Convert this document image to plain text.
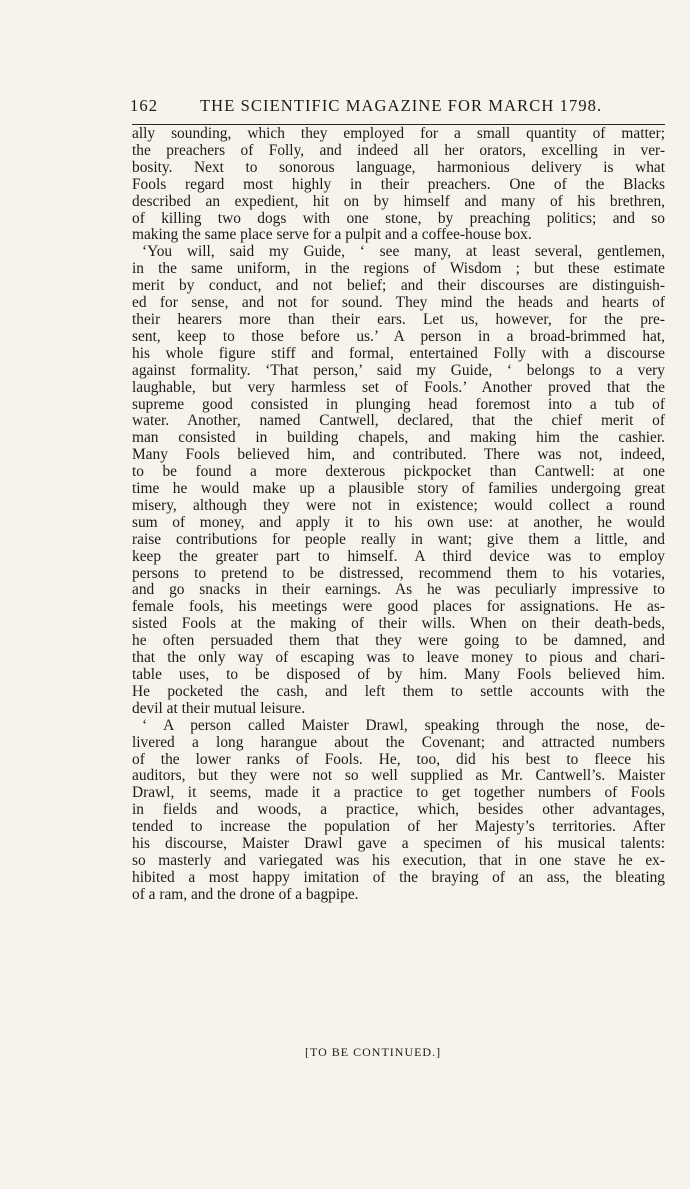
162	THE SCIENTIFIC MAGAZINE FOR MARCH 1798.
ally sounding, which they employed for a small quantity of matter;
the preachers of Folly, and indeed all her orators, excelling in ver-
bosity. Next to sonorous language, harmonious delivery is what
Fools regard most highly in their preachers. One of the Blacks
described an expedient, hit on by himself and many of his brethren,
of killing two dogs with one stone, by preaching politics; and so
making the same place serve for a pulpit and a coffee-house box.
‘You will, said my Guide, ‘ see many, at least several, gentlemen,
in the same uniform, in the regions of Wisdom ; but these estimate
merit by conduct, and not belief; and their discourses are distinguish-
ed for sense, and not for sound. They mind the heads and hearts of
their hearers more than their ears. Let us, however, for the pre-
sent, keep to those before us.’ A person in a broad-brimmed hat,
his whole figure stiff and formal, entertained Folly with a discourse
against formality. ‘That person,’ said my Guide, ‘ belongs to a very
laughable, but very harmless set of Fools.’ Another proved that the
supreme good consisted in plunging head foremost into a tub of
water. Another, named Cantwell, declared, that the chief merit of
man consisted in building chapels, and making him the cashier.
Many Fools believed him, and contributed. There was not, indeed,
to be found a more dexterous pickpocket than Cantwell: at one
time he would make up a plausible story of families undergoing great
misery, although they were not in existence; would collect a round
sum of money, and apply it to his own use: at another, he would
raise contributions for people really in want; give them a little, and
keep the greater part to himself. A third device was to employ
persons to pretend to be distressed, recommend them to his votaries,
and go snacks in their earnings. As he was peculiarly impressive to
female fools, his meetings were good places for assignations. He as-
sisted Fools at the making of their wills. When on their death-beds,
he often persuaded them that they were going to be damned, and
that the only way of escaping was to leave money to pious and chari-
table uses, to be disposed of by him. Many Fools believed him.
He pocketed the cash, and left them to settle accounts with the
devil at their mutual leisure.
‘ A person called Maister Drawl, speaking through the nose, de-
livered a long harangue about the Covenant; and attracted numbers
of the lower ranks of Fools. He, too, did his best to fleece his
auditors, but they were not so well supplied as Mr. Cantwell’s. Maister
Drawl, it seems, made it a practice to get together numbers of Fools
in fields and woods, a practice, which, besides other advantages,
tended to increase the population of her Majesty’s territories. After
his discourse, Maister Drawl gave a specimen of his musical talents:
so masterly and variegated was his execution, that in one stave he ex-
hibited a most happy imitation of the braying of an ass, the bleating
of a ram, and the drone of a bagpipe.
[TO BE CONTINUED.]
